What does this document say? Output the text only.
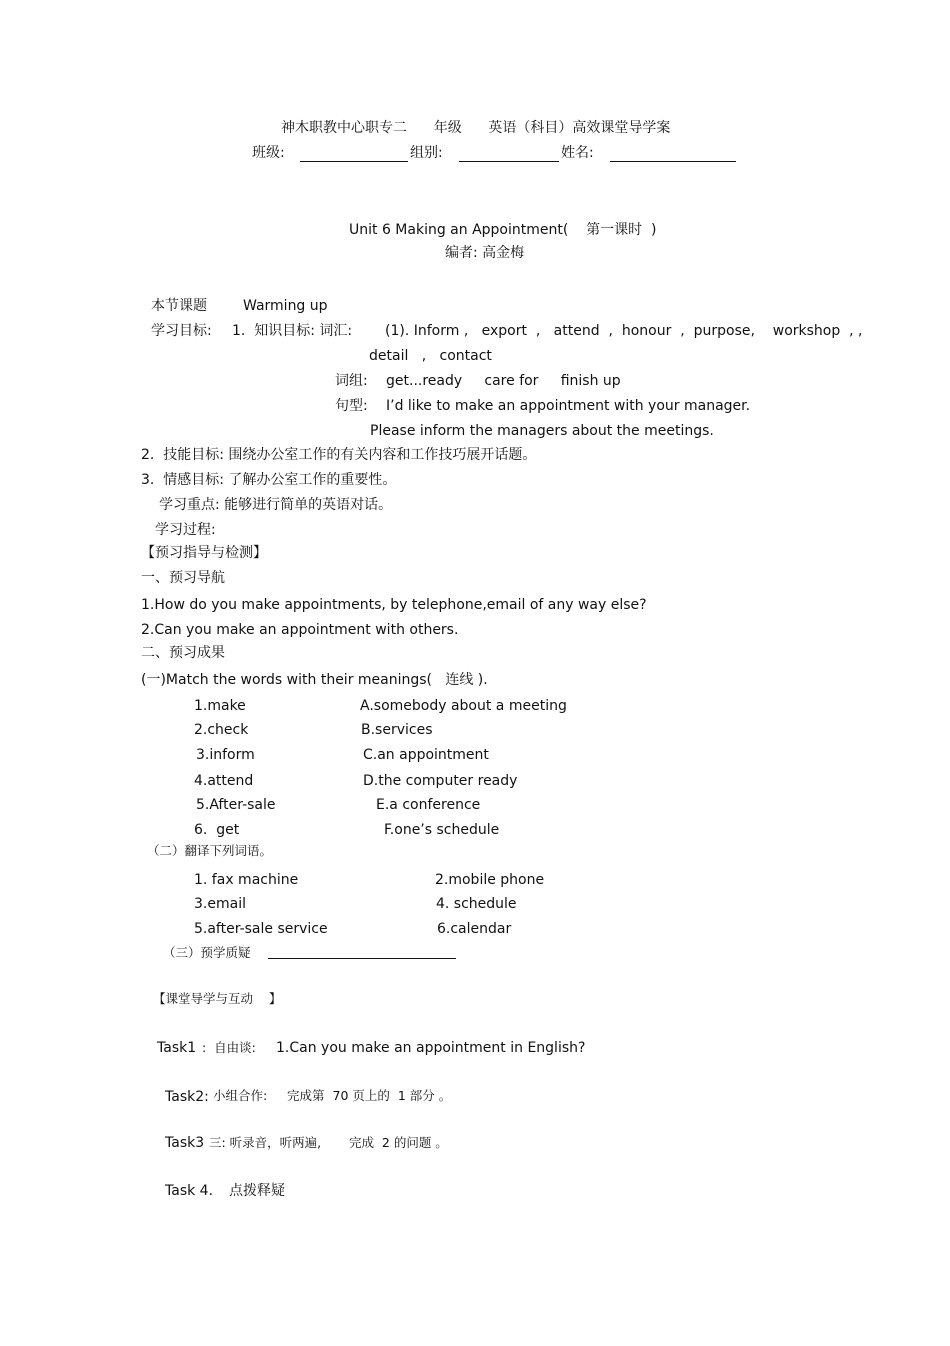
神木职教中心职专二      年级      英语（科目）高效课堂导学案
班级:	组别:	姓名:
Unit 6 Making an Appointment(    第一课时  )
编者: 高金梅
本节课题	Warming up
学习目标: 1.  知识目标: 词汇: (1). Inform ,   export  ,   attend  ,  honour  ,  purpose,    workshop  , ,
detail   ,   contact
词组: get...ready     care for     finish up
句型: I’d like to make an appointment with your manager.
Please inform the managers about the meetings.
2.  技能目标: 围绕办公室工作的有关内容和工作技巧展开话题。
3.  情感目标: 了解办公室工作的重要性。
学习重点: 能够进行简单的英语对话。
学习过程:
【预习指导与检测】
一、预习导航
1.How do you make appointments, by telephone,email of any way else?
2.Can you make an appointment with others.
二、预习成果
(一)Match the words with their meanings(   连线 ).
1.make	A.somebody about a meeting
2.check	B.services
3.inform	C.an appointment
4.attend	D.the computer ready
5.After-sale	E.a conference
6.  get	F.one’s schedule
（二）翻译下列词语。
1. fax machine	2.mobile phone
3.email	4. schedule
5.after-sale service	6.calendar
（三）预学质疑
【课堂导学与互动    】
Task1 :  自由谈: 1.Can you make an appointment in English?
Task2: 小组合作:     完成第  70 页上的  1 部分 。
Task3 三: 听录音，听两遍,       完成  2 的问题 。
Task 4. 点拨释疑
